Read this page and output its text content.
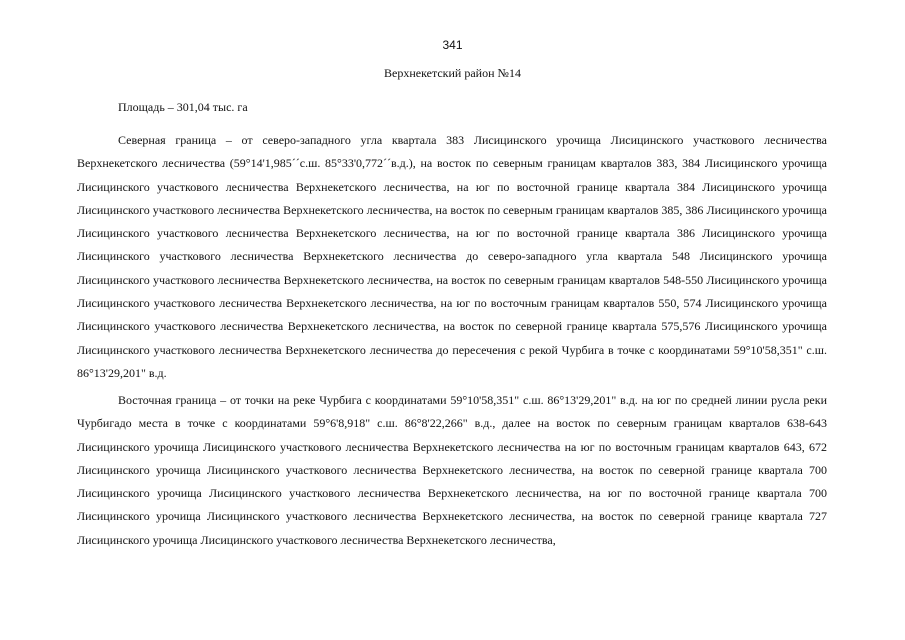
341
Верхнекетский район №14
Площадь – 301,04 тыс. га

Северная граница – от северо-западного угла квартала 383 Лисицинского урочища Лисицинского участкового лесничества Верхнекетского лесничества (59°14'1,985´´с.ш. 85°33'0,772´´в.д.), на восток по северным границам кварталов 383, 384 Лисицинского урочища Лисицинского участкового лесничества Верхнекетского лесничества, на юг по восточной границе квартала 384 Лисицинского урочища Лисицинского участкового лесничества Верхнекетского лесничества, на восток по северным границам кварталов 385, 386 Лисицинского урочища Лисицинского участкового лесничества Верхнекетского лесничества, на юг по восточной границе квартала 386 Лисицинского урочища Лисицинского участкового лесничества Верхнекетского лесничества до северо-западного угла квартала 548 Лисицинского урочища Лисицинского участкового лесничества Верхнекетского лесничества, на восток по северным границам кварталов 548-550 Лисицинского урочища Лисицинского участкового лесничества Верхнекетского лесничества, на юг по восточным границам кварталов 550, 574 Лисицинского урочища Лисицинского участкового лесничества Верхнекетского лесничества, на восток по северной границе квартала 575,576 Лисицинского урочища Лисицинского участкового лесничества Верхнекетского лесничества до пересечения с рекой Чурбига в точке с координатами 59°10'58,351" с.ш. 86°13'29,201" в.д.

Восточная граница – от точки на реке Чурбига с координатами 59°10'58,351" с.ш. 86°13'29,201" в.д. на юг по средней линии русла реки Чурбигадо места в точке с координатами 59°6'8,918" с.ш. 86°8'22,266" в.д., далее на восток по северным границам кварталов 638-643 Лисицинского урочища Лисицинского участкового лесничества Верхнекетского лесничества на юг по восточным границам кварталов 643, 672 Лисицинского урочища Лисицинского участкового лесничества Верхнекетского лесничества, на восток по северной границе квартала 700 Лисицинского урочища Лисицинского участкового лесничества Верхнекетского лесничества, на юг по восточной границе квартала 700 Лисицинского урочища Лисицинского участкового лесничества Верхнекетского лесничества, на восток по северной границе квартала 727 Лисицинского урочища Лисицинского участкового лесничества Верхнекетского лесничества,
